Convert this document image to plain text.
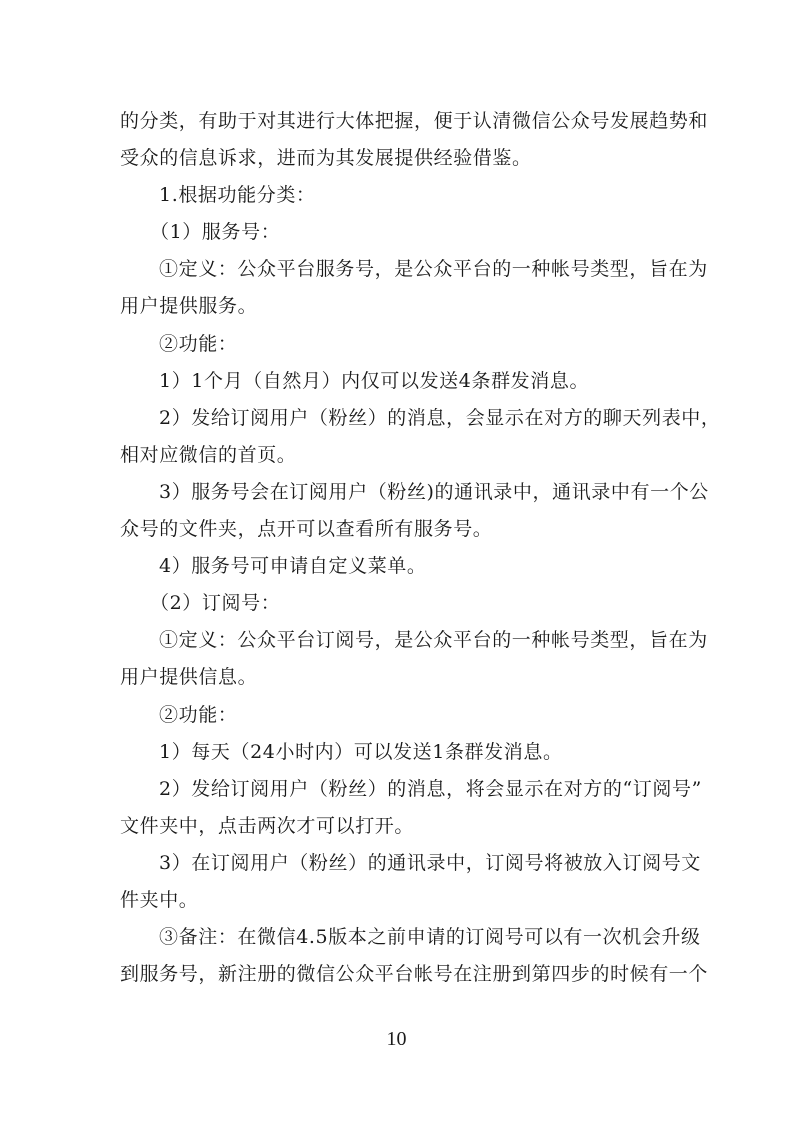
的分类，有助于对其进行大体把握，便于认清微信公众号发展趋势和
受众的信息诉求，进而为其发展提供经验借鉴。
1.根据功能分类：
（1）服务号：
①定义：公众平台服务号，是公众平台的一种帐号类型，旨在为
用户提供服务。
②功能：
1）1个月（自然月）内仅可以发送4条群发消息。
2）发给订阅用户（粉丝）的消息，会显示在对方的聊天列表中，
相对应微信的首页。
3）服务号会在订阅用户（粉丝)的通讯录中，通讯录中有一个公
众号的文件夹，点开可以查看所有服务号。
4）服务号可申请自定义菜单。
（2）订阅号：
①定义：公众平台订阅号，是公众平台的一种帐号类型，旨在为
用户提供信息。
②功能：
1）每天（24小时内）可以发送1条群发消息。
2）发给订阅用户（粉丝）的消息，将会显示在对方的“订阅号”
文件夹中，点击两次才可以打开。
3）在订阅用户（粉丝）的通讯录中，订阅号将被放入订阅号文
件夹中。
③备注：在微信4.5版本之前申请的订阅号可以有一次机会升级
到服务号，新注册的微信公众平台帐号在注册到第四步的时候有一个
10
